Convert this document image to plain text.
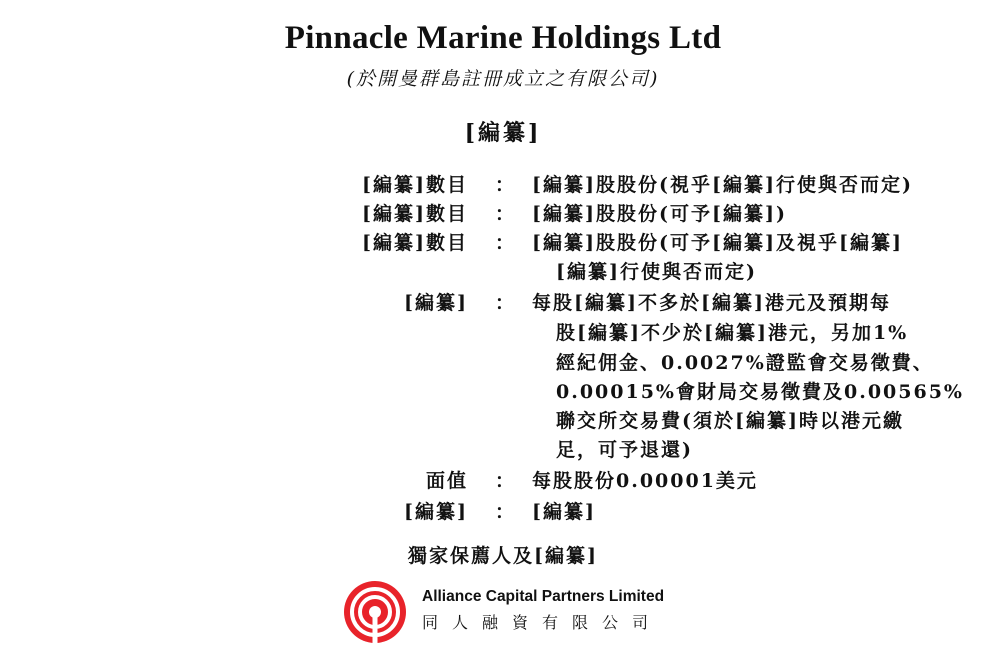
Pinnacle Marine Holdings Ltd
(於開曼群島註冊成立之有限公司)
[編纂]
[編纂]數目 ： [編纂]股股份(視乎[編纂]行使與否而定)
[編纂]數目 ： [編纂]股股份(可予[編纂])
[編纂]數目 ： [編纂]股股份(可予[編纂]及視乎[編纂]
[編纂]行使與否而定)
[編纂] ： 每股[編纂]不多於[編纂]港元及預期每
股[編纂]不少於[編纂]港元，另加1%
經紀佣金、0.0027%證監會交易徵費、
0.00015%會財局交易徵費及0.00565%
聯交所交易費(須於[編纂]時以港元繳
足，可予退還)
面值 ： 每股股份0.00001美元
[編纂] ： [編纂]
獨家保薦人及[編纂]
Alliance Capital Partners Limited
同人融資有限公司
